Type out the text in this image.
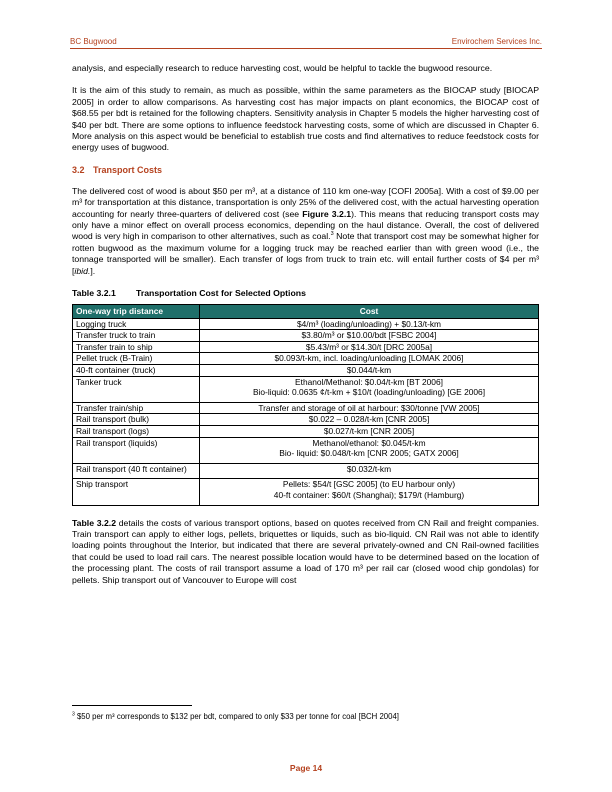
BC Bugwood	Envirochem Services Inc.

analysis, and especially research to reduce harvesting cost, would be helpful to tackle the bugwood resource.

It is the aim of this study to remain, as much as possible, within the same parameters as the BIOCAP study [BIOCAP 2005] in order to allow comparisons. As harvesting cost has major impacts on plant economics, the BIOCAP cost of $68.55 per bdt is retained for the following chapters. Sensitivity analysis in Chapter 5 models the higher harvesting cost of $40 per bdt. There are some options to influence feedstock harvesting costs, some of which are discussed in Chapter 6. More analysis on this aspect would be beneficial to establish true costs and find alternatives to reduce feedstock costs for energy uses of bugwood.

3.2 Transport Costs

The delivered cost of wood is about $50 per m³, at a distance of 110 km one-way [COFI 2005a]. With a cost of $9.00 per m³ for transportation at this distance, transportation is only 25% of the delivered cost, with the actual harvesting operation accounting for nearly three-quarters of delivered cost (see Figure 3.2.1). This means that reducing transport costs may only have a minor effect on overall process economics, depending on the haul distance. Overall, the cost of delivered wood is very high in comparison to other alternatives, such as coal.$^3$ Note that transport cost may be somewhat higher for rotten bugwood as the maximum volume for a logging truck may be reached earlier than with green wood (i.e., the tonnage transported will be smaller). Each transfer of logs from truck to train etc. will entail further costs of $4 per m³ [ibid.].

Table 3.2.1 Transportation Cost for Selected Options
One-way trip distance	Cost
Logging truck	$4/m³ (loading/unloading) + $0.13/t-km

Transfer truck to train	$3.80/m³ or $10.00/bdt [FSBC 2004]

Transfer train to ship	$5.43/m³ or $14.30/t [DRC 2005a]

Pellet truck (B-Train)	$0.093/t-km, incl. loading/unloading [LOMAK 2006]

40-ft container (truck)	$0.044/t-km

Tanker truck	Ethanol/Methanol: $0.04/t-km [BT 2006]
Bio-liquid: 0.0635 ¢/t-km + $10/t (loading/unloading) [GE 2006]

Transfer train/ship	Transfer and storage of oil at harbour: $30/tonne [VW 2005]

Rail transport (bulk)	$0.022 – 0.028/t-km [CNR 2005]

Rail transport (logs)	$0.027/t-km [CNR 2005]

Rail transport (liquids)	Methanol/ethanol: $0.045/t-km
Bio- liquid: $0.048/t-km [CNR 2005; GATX 2006]

Rail transport (40 ft container)	$0.032/t-km

Ship transport	Pellets: $54/t [GSC 2005] (to EU harbour only)
40-ft container: $60/t (Shanghai); $179/t (Hamburg)

Table 3.2.2 details the costs of various transport options, based on quotes received from CN Rail and freight companies. Train transport can apply to either logs, pellets, briquettes or liquids, such as bio-liquid. CN Rail was not able to identify loading points throughout the Interior, but indicated that there are several privately-owned and CN Rail-owned facilities that could be used to load rail cars. The nearest possible location would have to be determined based on the location of the processing plant. The costs of rail transport assume a load of 170 m³ per rail car (closed wood chip gondolas) for pellets. Ship transport out of Vancouver to Europe will cost

$^3$ $50 per m³ corresponds to $132 per bdt, compared to only $33 per tonne for coal [BCH 2004]
Page 14
